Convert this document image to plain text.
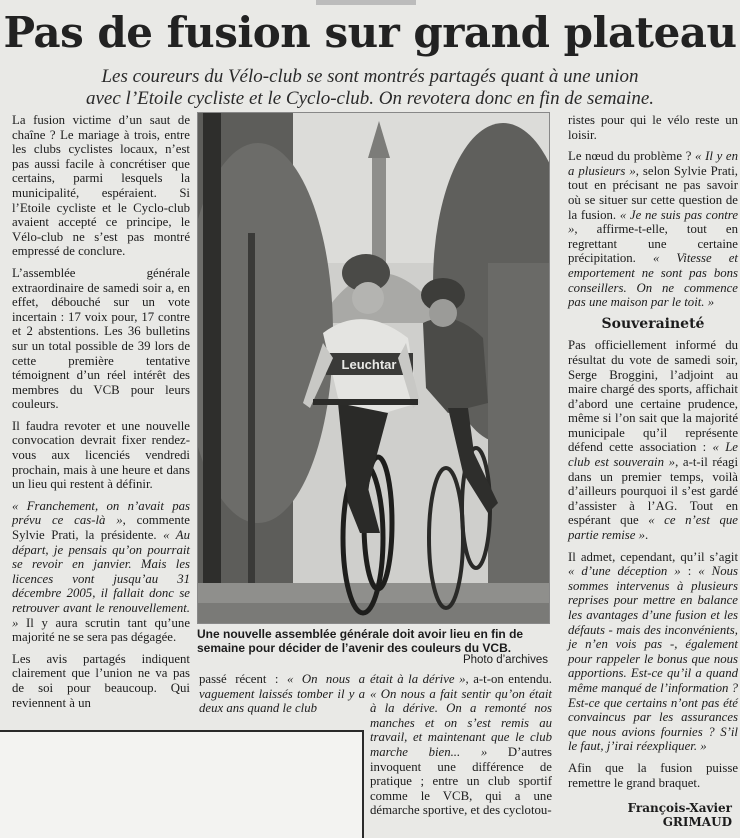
Pas de fusion sur grand plateau

Les coureurs du Vélo-club se sont montrés partagés quant à une union
avec l’Etoile cycliste et le Cyclo-club. On revotera donc en fin de semaine.

La fusion victime d’un saut de chaîne ? Le mariage à trois, entre les clubs cyclistes locaux, n’est pas aussi facile à concrétiser que certains, parmi lesquels la municipalité, espéraient. Si l’Etoile cycliste et le Cyclo-club avaient accepté ce principe, le Vélo-club ne s’est pas montré empressé de conclure.

L’assemblée générale extraordinaire de samedi soir a, en effet, débouché sur un vote incertain : 17 voix pour, 17 contre et 2 abstentions. Les 36 bulletins sur un total possible de 39 lors de cette première tentative témoignent d’un réel intérêt des membres du VCB pour leurs couleurs.

Il faudra revoter et une nouvelle convocation devrait fixer rendez-vous aux licenciés vendredi prochain, mais à une heure et dans un lieu qui restent à définir.

« Franchement, on n’avait pas prévu ce cas-là », commente Sylvie Prati, la présidente. « Au départ, je pensais qu’on pourrait se revoir en janvier. Mais les licences vont jusqu’au 31 décembre 2005, il fallait donc se retrouver avant le renouvellement. » Il y aura scrutin tant qu’une majorité ne se sera pas dégagée.

Les avis partagés indiquent clairement que l’union ne va pas de soi pour beaucoup. Qui reviennent à un

Leuchtar

Une nouvelle assemblée générale doit avoir lieu en fin de semaine pour décider de l’avenir des couleurs du VCB.

Photo d’archives

passé récent : « On nous a vaguement laissés tomber il y a deux ans quand le club

était à la dérive », a-t-on entendu. « On nous a fait sentir qu’on était à la dérive. On a remonté nos manches et on s’est remis au travail, et maintenant que le club marche bien... » D’autres invoquent une différence de pratique ; entre un club sportif comme le VCB, qui a une démarche sportive, et des cyclotou-

ristes pour qui le vélo reste un loisir.

Le nœud du problème ? « Il y en a plusieurs », selon Sylvie Prati, tout en précisant ne pas savoir où se situer sur cette question de la fusion. « Je ne suis pas contre », affirme-t-elle, tout en regrettant une certaine précipitation. « Vitesse et emportement ne sont pas bons conseillers. On ne commence pas une maison par le toit. »

Souveraineté

Pas officiellement informé du résultat du vote de samedi soir, Serge Broggini, l’adjoint au maire chargé des sports, affichait d’abord une certaine prudence, même si l’on sait que la majorité municipale qu’il représente défend cette association : « Le club est souverain », a-t-il réagi dans un premier temps, voilà d’ailleurs pourquoi il s’est gardé d’assister à l’AG. Tout en espérant que « ce n’est que partie remise ».

Il admet, cependant, qu’il s’agit « d’une déception » : « Nous sommes intervenus à plusieurs reprises pour mettre en balance les avantages d’une fusion et les défauts - mais des inconvénients, je n’en vois pas -, également pour rappeler le bonus que nous apportions. Est-ce qu’il a quand même manqué de l’information ? Est-ce que certains n’ont pas été convaincus par les assurances que nous avions fournies ? S’il le faut, j’irai réexpliquer. »

Afin que la fusion puisse remettre le grand braquet.

François-Xavier
GRIMAUD
